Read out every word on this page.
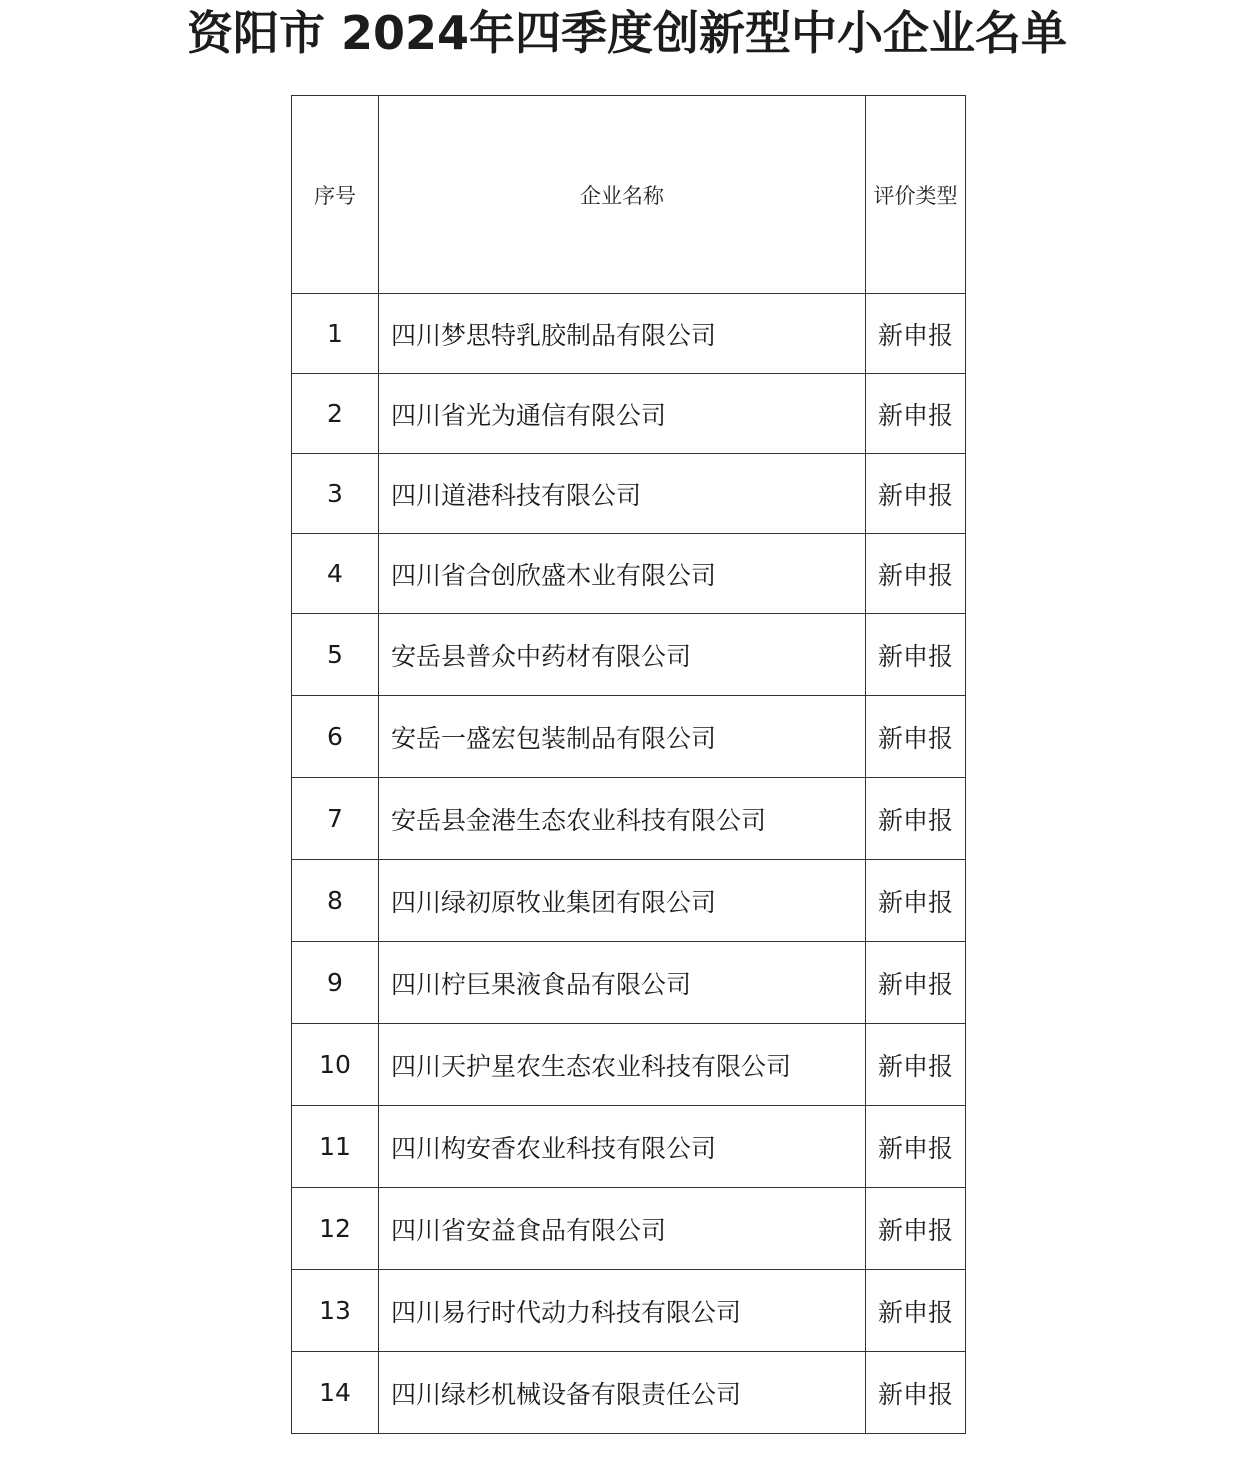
资阳市 2024年四季度创新型中小企业名单
序号	企业名称	评价类型
1	四川梦思特乳胶制品有限公司	新申报
2	四川省光为通信有限公司	新申报
3	四川道港科技有限公司	新申报
4	四川省合创欣盛木业有限公司	新申报
5	安岳县普众中药材有限公司	新申报
6	安岳一盛宏包装制品有限公司	新申报
7	安岳县金港生态农业科技有限公司	新申报
8	四川绿初原牧业集团有限公司	新申报
9	四川柠巨果液食品有限公司	新申报
10	四川天护星农生态农业科技有限公司	新申报
11	四川构安香农业科技有限公司	新申报
12	四川省安益食品有限公司	新申报
13	四川易行时代动力科技有限公司	新申报
14	四川绿杉机械设备有限责任公司	新申报
